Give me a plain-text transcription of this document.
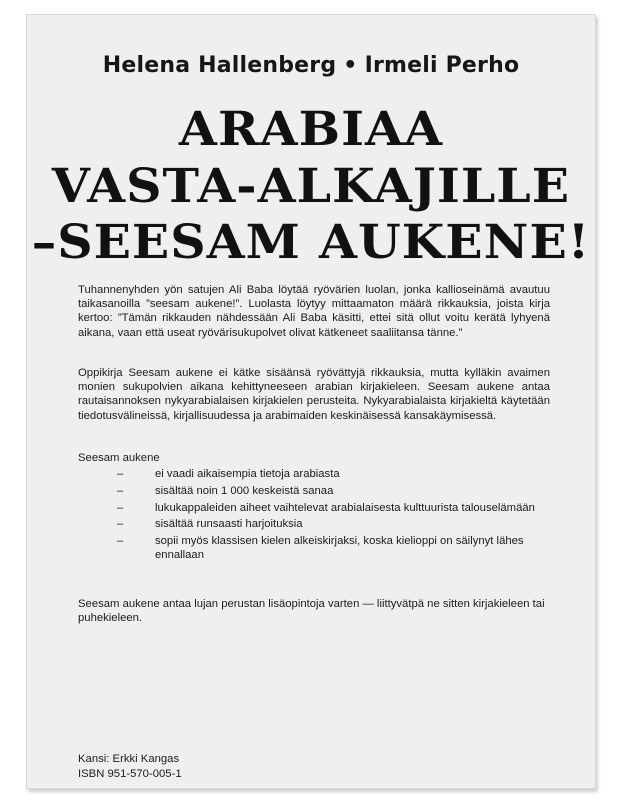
Helena Hallenberg • Irmeli Perho
ARABIAA
VASTA-ALKAJILLE
–SEESAM AUKENE!
Tuhannenyhden yön satujen Ali Baba löytää ryövärien luolan, jonka kallioseinämä avautuu taikasanoilla ”seesam aukene!”. Luolasta löytyy mittaamaton määrä rikkauksia, joista kirja kertoo: ”Tämän rikkauden nähdessään Ali Baba käsitti, ettei sitä ollut voitu kerätä lyhyenä aikana, vaan että useat ryövärisukupolvet olivat kätkeneet saaliitansa tänne.”
Oppikirja Seesam aukene ei kätke sisäänsä ryövättyjä rikkauksia, mutta kylläkin avaimen monien sukupolvien aikana kehittyneeseen arabian kirjakieleen. Seesam aukene antaa rautaisannoksen nykyarabialaisen kirjakielen perusteita. Nykyarabialaista kirjakieltä käytetään tiedotusvälineissä, kirjallisuudessa ja arabimaiden keskinäisessä kansakäymisessä.
Seesam aukene
–	ei vaadi aikaisempia tietoja arabiasta
–	sisältää noin 1 000 keskeistä sanaa
–	lukukappaleiden aiheet vaihtelevat arabialaisesta kulttuurista talouselämään
–	sisältää runsaasti harjoituksia
–	sopii myös klassisen kielen alkeiskirjaksi, koska kielioppi on säilynyt lähes ennallaan
Seesam aukene antaa lujan perustan lisäopintoja varten — liittyvätpä ne sitten kirjakieleen tai puhekieleen.
Kansi: Erkki Kangas
ISBN 951-570-005-1
